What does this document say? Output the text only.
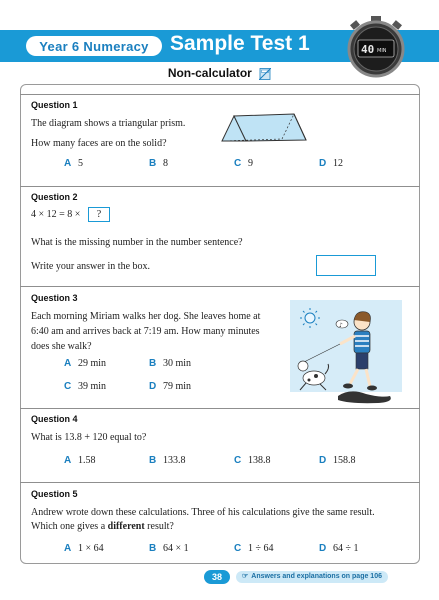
Year 6 Numeracy Sample Test 1	40 MIN
Non-calculator
Question 1
The diagram shows a triangular prism.
How many faces are on the solid?
A 5	B 8	C 9	D 12
Question 2
4 × 12 = 8 ×	?
What is the missing number in the number sentence?
Write your answer in the box.
Question 3
Each morning Miriam walks her dog. She leaves home at
6:40 am and arrives back at 7:19 am. How many minutes
does she walk?
♪
A 29 min	B 30 min
C 39 min	D 79 min
Question 4
What is 13.8 + 120 equal to?
A 1.58	B 133.8	C 138.8	D 158.8
Question 5
Andrew wrote down these calculations. Three of his calculations give the same result.
Which one gives a different result?
A 1 × 64	B 64 × 1	C 1 ÷ 64	D 64 ÷ 1
38	☞ Answers and explanations on page 106
